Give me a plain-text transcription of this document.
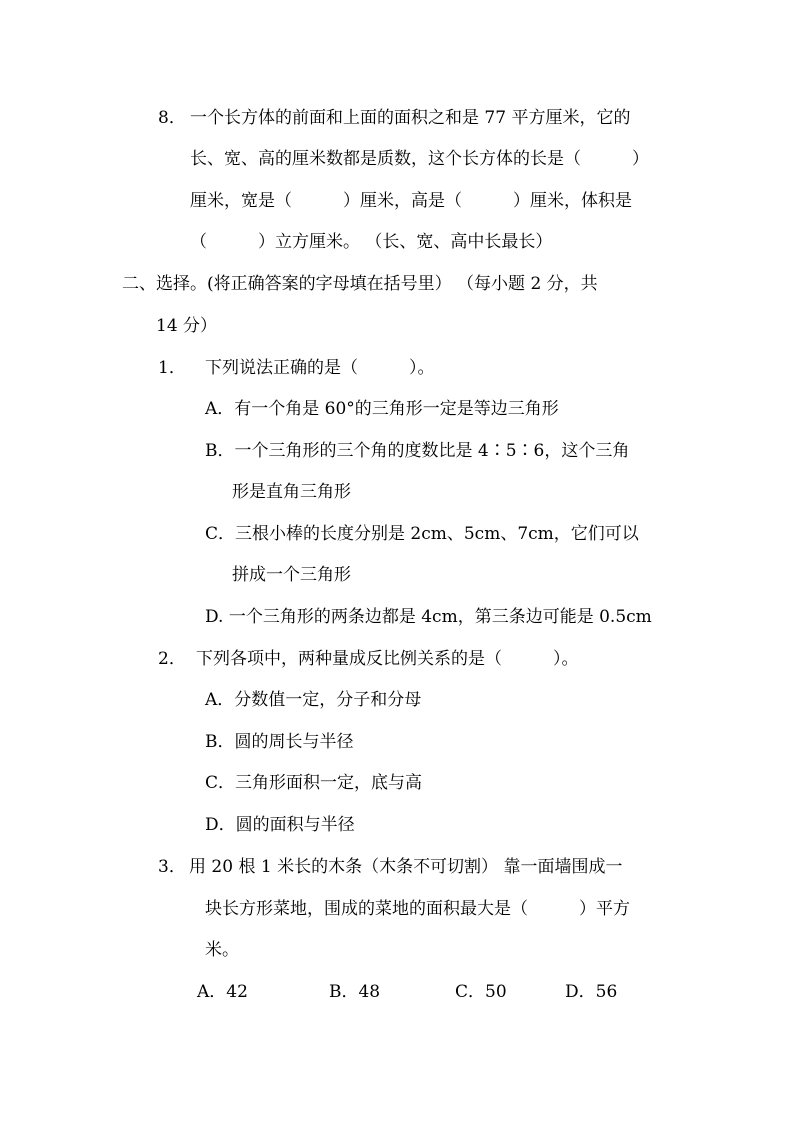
8． 一个长方体的前面和上面的面积之和是 77 平方厘米，它的
长、宽、高的厘米数都是质数，这个长方体的长是（　　　）
厘米，宽是（　　　）厘米，高是（　　　）厘米，体积是
（　　　）立方厘米。 （长、宽、高中长最长）
二、选择。(将正确答案的字母填在括号里） （每小题 2 分，共
14 分）
1． 下列说法正确的是（　　　）。
A．有一个角是 60°的三角形一定是等边三角形
B．一个三角形的三个角的度数比是 4∶5∶6，这个三角
形是直角三角形
C．三根小棒的长度分别是 2cm、5cm、7cm，它们可以
拼成一个三角形
D. 一个三角形的两条边都是 4cm，第三条边可能是 0.5cm
2． 下列各项中，两种量成反比例关系的是（　　　）。
A．分数值一定，分子和分母
B．圆的周长与半径
C．三角形面积一定，底与高
D．圆的面积与半径
3． 用 20 根 1 米长的木条（木条不可切割） 靠一面墙围成一
块长方形菜地，围成的菜地的面积最大是（　　　）平方
米。
A．42	B．48	C．50	D．56
